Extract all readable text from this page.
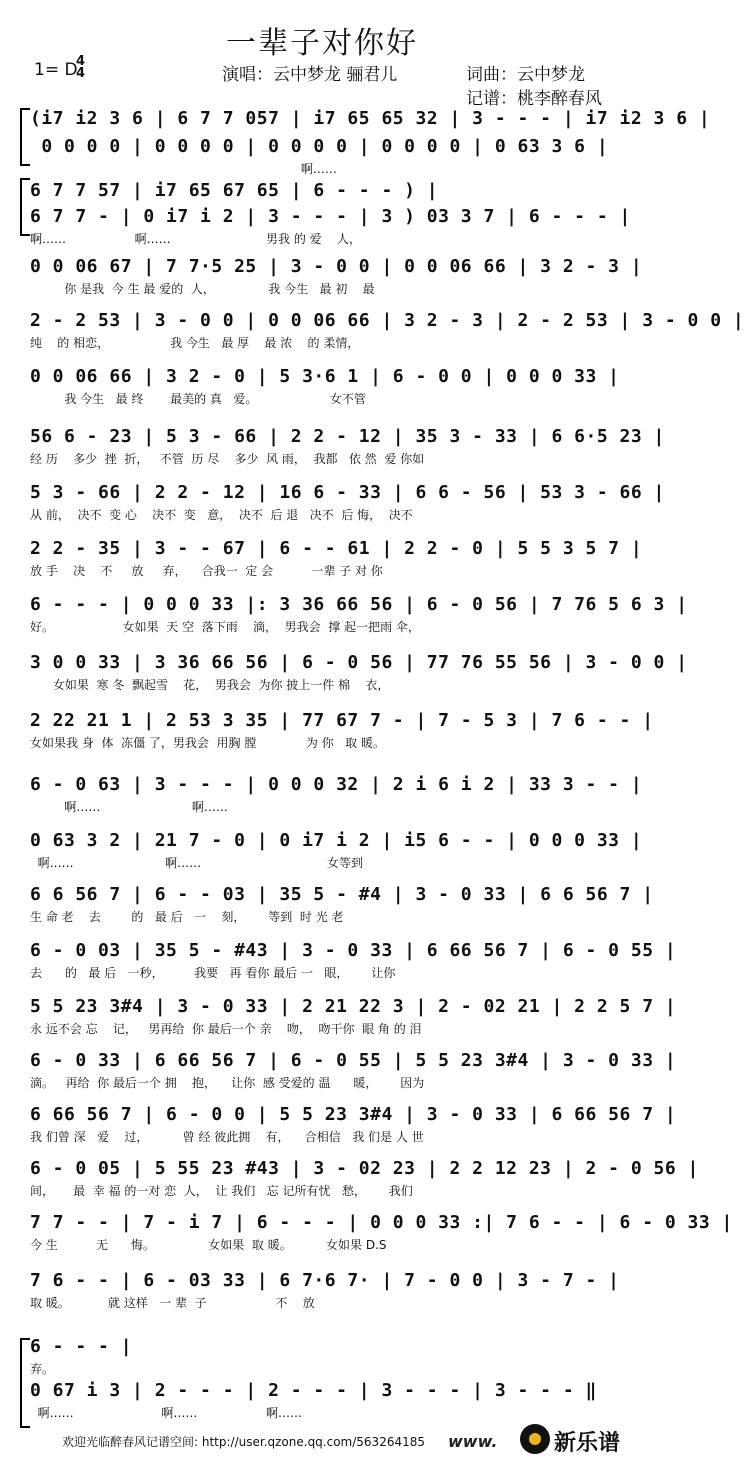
一辈子对你好
1= D
4
4	演唱：云中梦龙 骊君儿	词曲：云中梦龙
记谱：桃李醉春风
(i7 i2 3 6 | 6 7 7 057 | i7 65 65 32 | 3 - - - | i7 i2 3 6 |
0 0 0 0 | 0 0 0 0 | 0 0 0 0 | 0 0 0 0 | 0 63 3 6 |
啊……
6 7 7 57 | i7 65 67 65 | 6 - - - ) |
6 7 7 - | 0 i7 i 2 | 3 - - - | 3 ) 03 3 7 | 6 - - - |
啊……                  啊……                         男我 的 爱    人，
0 0 06 67 | 7 7·5 25 | 3 - 0 0 | 0 0 06 66 | 3 2 - 3 |
你 是我  今 生 最 爱的  人，              我 今生   最 初    最
2 - 2 53 | 3 - 0 0 | 0 0 06 66 | 3 2 - 3 | 2 - 2 53 | 3 - 0 0 |
纯    的 相恋，                我 今生   最 厚    最 浓    的 柔情，
0 0 06 66 | 3 2 - 0 | 5 3·6 1 | 6 - 0 0 | 0 0 0 33 |
我 今生   最 终       最美的 真   爱。                   女不管
56 6 - 23 | 5 3 - 66 | 2 2 - 12 | 35 3 - 33 | 6 6·5 23 |
经 历    多少  挫  折，   不管  历 尽    多少  风 雨，  我都   依 然  爱 你如
5 3 - 66 | 2 2 - 12 | 16 6 - 33 | 6 6 - 56 | 53 3 - 66 |
从 前，  决不  变 心    决不  变   意，  决不  后 退   决不  后 悔，  决不
2 2 - 35 | 3 - - 67 | 6 - - 61 | 2 2 - 0 | 5 5 3 5 7 |
放 手    决    不     放     弃，    合我一  定 会          一辈 子 对 你
6 - - - | 0 0 0 33 |: 3 36 66 56 | 6 - 0 56 | 7 76 5 6 3 |
好。                  女如果  天 空  落下雨    滴，  男我会  撑 起一把雨 伞，
3 0 0 33 | 3 36 66 56 | 6 - 0 56 | 77 76 55 56 | 3 - 0 0 |
女如果  寒 冬  飘起雪    花，  男我会  为你 披上一件 棉    衣，
2 22 21 1 | 2 53 3 35 | 77 67 7 - | 7 - 5 3 | 7 6 - - |
女如果我 身  体  冻僵 了，男我会  用胸 膛             为 你   取 暖。
6 - 0 63 | 3 - - - | 0 0 0 32 | 2 i 6 i 2 | 33 3 - - |
啊……                        啊……
0 63 3 2 | 21 7 - 0 | 0 i7 i 2 | i5 6 - - | 0 0 0 33 |
啊……                        啊……                                 女等到
6 6 56 7 | 6 - - 03 | 35 5 - #4 | 3 - 0 33 | 6 6 56 7 |
生 命 老    去        的   最 后   一    刻，      等到  时 光 老
6 - 0 03 | 35 5 - #43 | 3 - 0 33 | 6 66 56 7 | 6 - 0 55 |
去      的   最 后   一秒，        我要   再 看你 最后 一   眼，      让你
5 5 23 3#4 | 3 - 0 33 | 2 21 22 3 | 2 - 02 21 | 2 2 5 7 |
永 远不会 忘    记，   男再给  你 最后一个 亲    吻，  吻干你  眼 角 的 泪
6 - 0 33 | 6 66 56 7 | 6 - 0 55 | 5 5 23 3#4 | 3 - 0 33 |
滴。   再给  你 最后一个 拥    抱，    让你  感 受爱的 温      暖，      因为
6 66 56 7 | 6 - 0 0 | 5 5 23 3#4 | 3 - 0 33 | 6 66 56 7 |
我 们曾 深   爱    过，         曾 经 彼此拥    有，    合相信   我 们是 人 世
6 - 0 05 | 5 55 23 #43 | 3 - 02 23 | 2 2 12 23 | 2 - 0 56 |
间，     最  幸 福 的一对 恋  人，  让 我们   忘 记所有忧   愁，      我们
7 7 - - | 7 - i 7 | 6 - - - | 0 0 0 33 :| 7 6 - - | 6 - 0 33 |
今 生          无      悔。              女如果  取 暖。         女如果 D.S
7 6 - - | 6 - 03 33 | 6 7·6 7· | 7 - 0 0 | 3 - 7 - |
取 暖。          就 这样   一 辈  子                  不    放
6 - - - |
弃。
0 67 i 3 | 2 - - - | 2 - - - | 3 - - - | 3 - - - ‖
啊……                       啊……                  啊……
欢迎光临醉春风记谱空间: http://user.qzone.qq.com/563264185 www.	新乐谱
